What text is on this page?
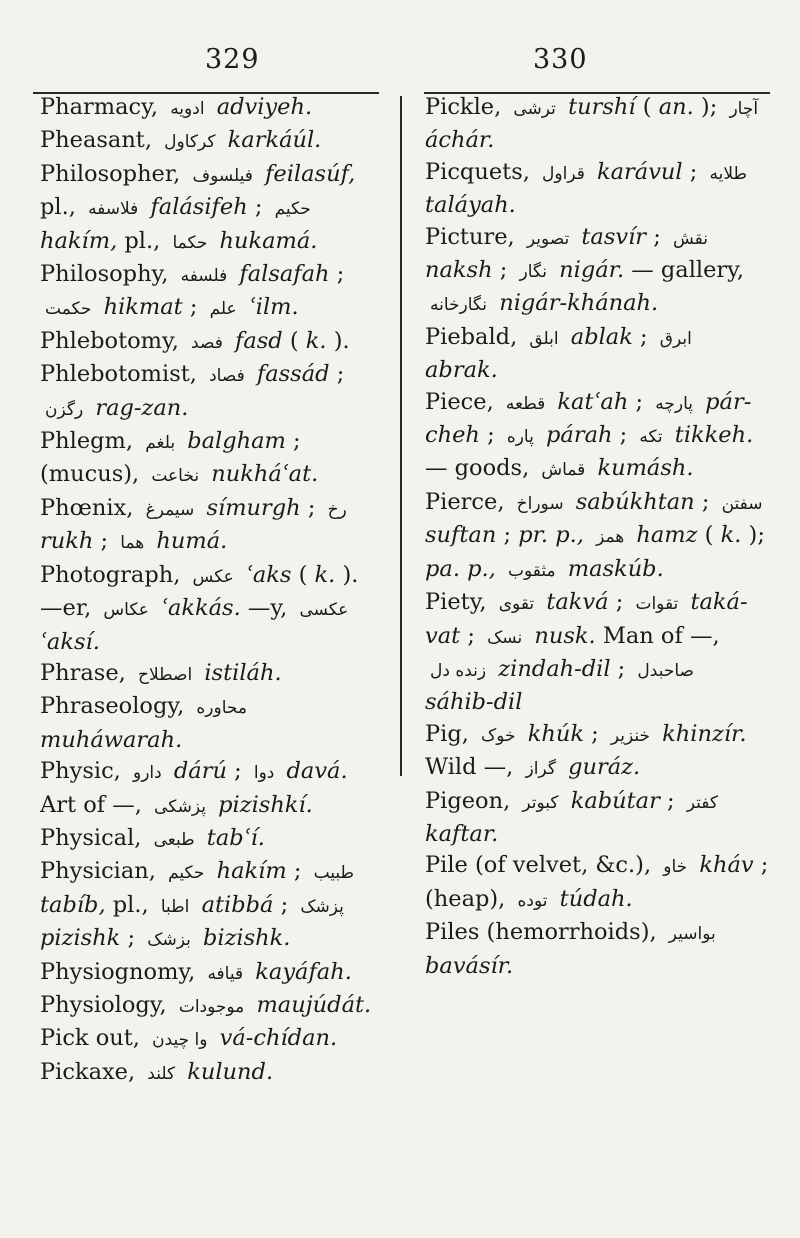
329	330
Pharmacy, ادویه adviyeh.
Pheasant, کرکاول karkáúl.
Philosopher, فیلسوف feilasúf, pl., فلاسفه falásifeh ; حکیم hakím, pl., حکما hukamá.
Philosophy, فلسفه falsafah ; حکمت hikmat ; علم ʿilm.
Phlebotomy, فصد fasd ( k. ).
Phlebotomist, فصاد fassád ; رگزن rag-zan.
Phlegm, بلغم balgham ; (mucus), نخاعت nukháʿat.
Phœnix, سیمرغ símurgh ; رخ rukh ; هما humá.
Photograph, عکس ʿaks ( k. ). —er, عکاس ʿakkás. —y, عکسی ʿaksí.
Phrase, اصطلاح istiláh.
Phraseology, محاوره muháwarah.
Physic, دارو dárú ; دوا davá. Art of —, پزشکی pizishkí.
Physical, طبعی tabʿí.
Physician, حکیم hakím ; طبیب tabíb, pl., اطبا atibbá ; پزشک pizishk ; بزشک bizishk.
Physiognomy, قیافه kayáfah.
Physiology, موجودات maujúdát.
Pick out, وا چیدن vá-chídan.
Pickaxe, کلند kulund.
Pickle, ترشی turshí ( an. ); آچار áchár.
Picquets, قراول karávul ; طلایه taláyah.
Picture, تصویر tasvír ; نقش naksh ; نگار nigár. — gallery, نگارخانه nigár-khánah.
Piebald, ابلق ablak ; ابرق abrak.
Piece, قطعه katʿah ; پارچه pár-cheh ; پاره párah ; تکه tikkeh. — goods, قماش kumásh.
Pierce, سوراخ sabúkhtan ; سفتن suftan ; pr. p., همز hamz ( k. ); pa. p., مثقوب maskúb.
Piety, تقوی takvá ; تقوات taká-vat ; نسک nusk. Man of —, زنده دل zindah-dil ; صاحبدل sáhib-dil
Pig, خوک khúk ; خنزیر khinzír. Wild —, گراز guráz.
Pigeon, کبوتر kabútar ; کفتر kaftar.
Pile (of velvet, &c.), خاو kháv ; (heap), توده túdah.
Piles (hemorrhoids), بواسیر bavásír.
